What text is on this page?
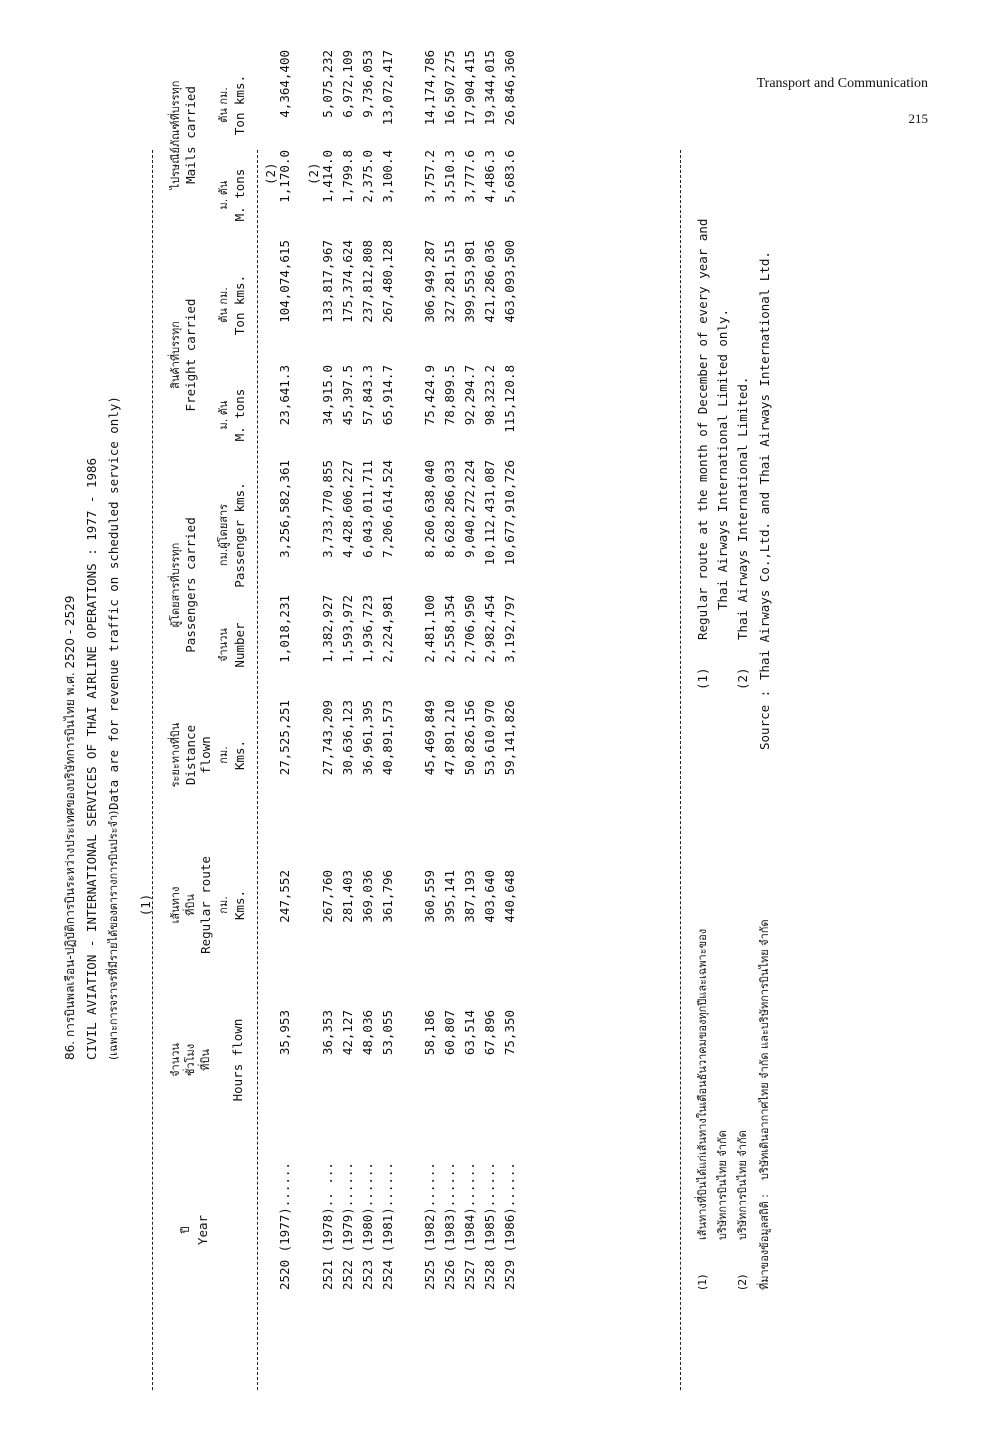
Transport and Communication
215
86. การบินพลเรือน-ปฏิบัติการบินระหว่างประเทศของบริษัทการบินไทย พ.ศ. 2520 - 2529 CIVIL AVIATION - INTERNATIONAL SERVICES OF THAI AIRLINE OPERATIONS : 1977 - 1986 (เฉพาะการจราจรที่มีรายได้ของตารางการบินประจำ)
Data are for revenue traffic on scheduled service only)
ปี Year
จำนวน ชั่วโมง ที่บิน Hours flown
(1) เส้นทาง ที่บิน Regular route กม. Kms.
ระยะทางที่บิน Distance flown กม. Kms.
ผู้โดยสารที่บรรทุก Passengers carried จำนวน Number
กม.ผู้โดยสาร Passenger kms.
สินค้าที่บรรทุก Freight carried
ม. ตัน M. tons
ตัน กม. Ton kms.
ไปรษณีย์ภัณฑ์ที่บรรทุก Mails carried
ม. ตัน M. tons
ตัน กม. Ton kms.
2520 (1977)......
35,953
247,552
27,525,251
1,018,231
3,256,582,361
23,641.3
104,074,615
1,170.0
4,364,400
(2)
2521 (1978).. ...
36,353
267,760
27,743,209
1,382,927
3,733,770,855
34,915.0
133,817,967
1,414.0
5,075,232
(2)
2522 (1979)......
42,127
281,403
30,636,123
1,593,972
4,428,606,227
45,397.5
175,374,624
1,799.8
6,972,109
2523 (1980)......
48,036
369,036
36,961,395
1,936,723
6,043,011,711
57,843.3
237,812,808
2,375.0
9,736,053
2524 (1981)......
53,055
361,796
40,891,573
2,224,981
7,206,614,524
65,914.7
267,480,128
3,100.4
13,072,417
2525 (1982)......
58,186
360,559
45,469,849
2,481,100
8,260,638,040
75,424.9
306,949,287
3,757.2
14,174,786
2526 (1983)......
60,807
395,141
47,891,210
2,558,354
8,628,286,033
78,899.5
327,281,515
3,510.3
16,507,275
2527 (1984)......
63,514
387,193
50,826,156
2,706,950
9,040,272,224
92,294.7
399,553,981
3,777.6
17,904,415
2528 (1985)......
67,896
403,640
53,610,970
2,982,454
10,112,431,087
98,323.2
421,286,036
4,486.3
19,344,015
2529 (1986)......
75,350
440,648
59,141,826
3,192,797
10,677,910,726
115,120.8
463,093,500
5,683.6
26,846,360
(1)
เส้นทางที่บินได้แก่เส้นทางในเดือนธันวาคมของทุกปีและเฉพาะของ บริษัทการบินไทย จำกัด
(2)
บริษัทการบินไทย จำกัด
ที่มาของข้อมูลสถิติ :
บริษัทเดินอากาศไทย จำกัด และบริษัทการบินไทย จำกัด
(1)
Regular route at the month of December of every year and Thai Airways International Limited only.
(2)
Thai Airways International Limited.
Source :
Thai Airways Co.,Ltd. and Thai Airways International Ltd.
